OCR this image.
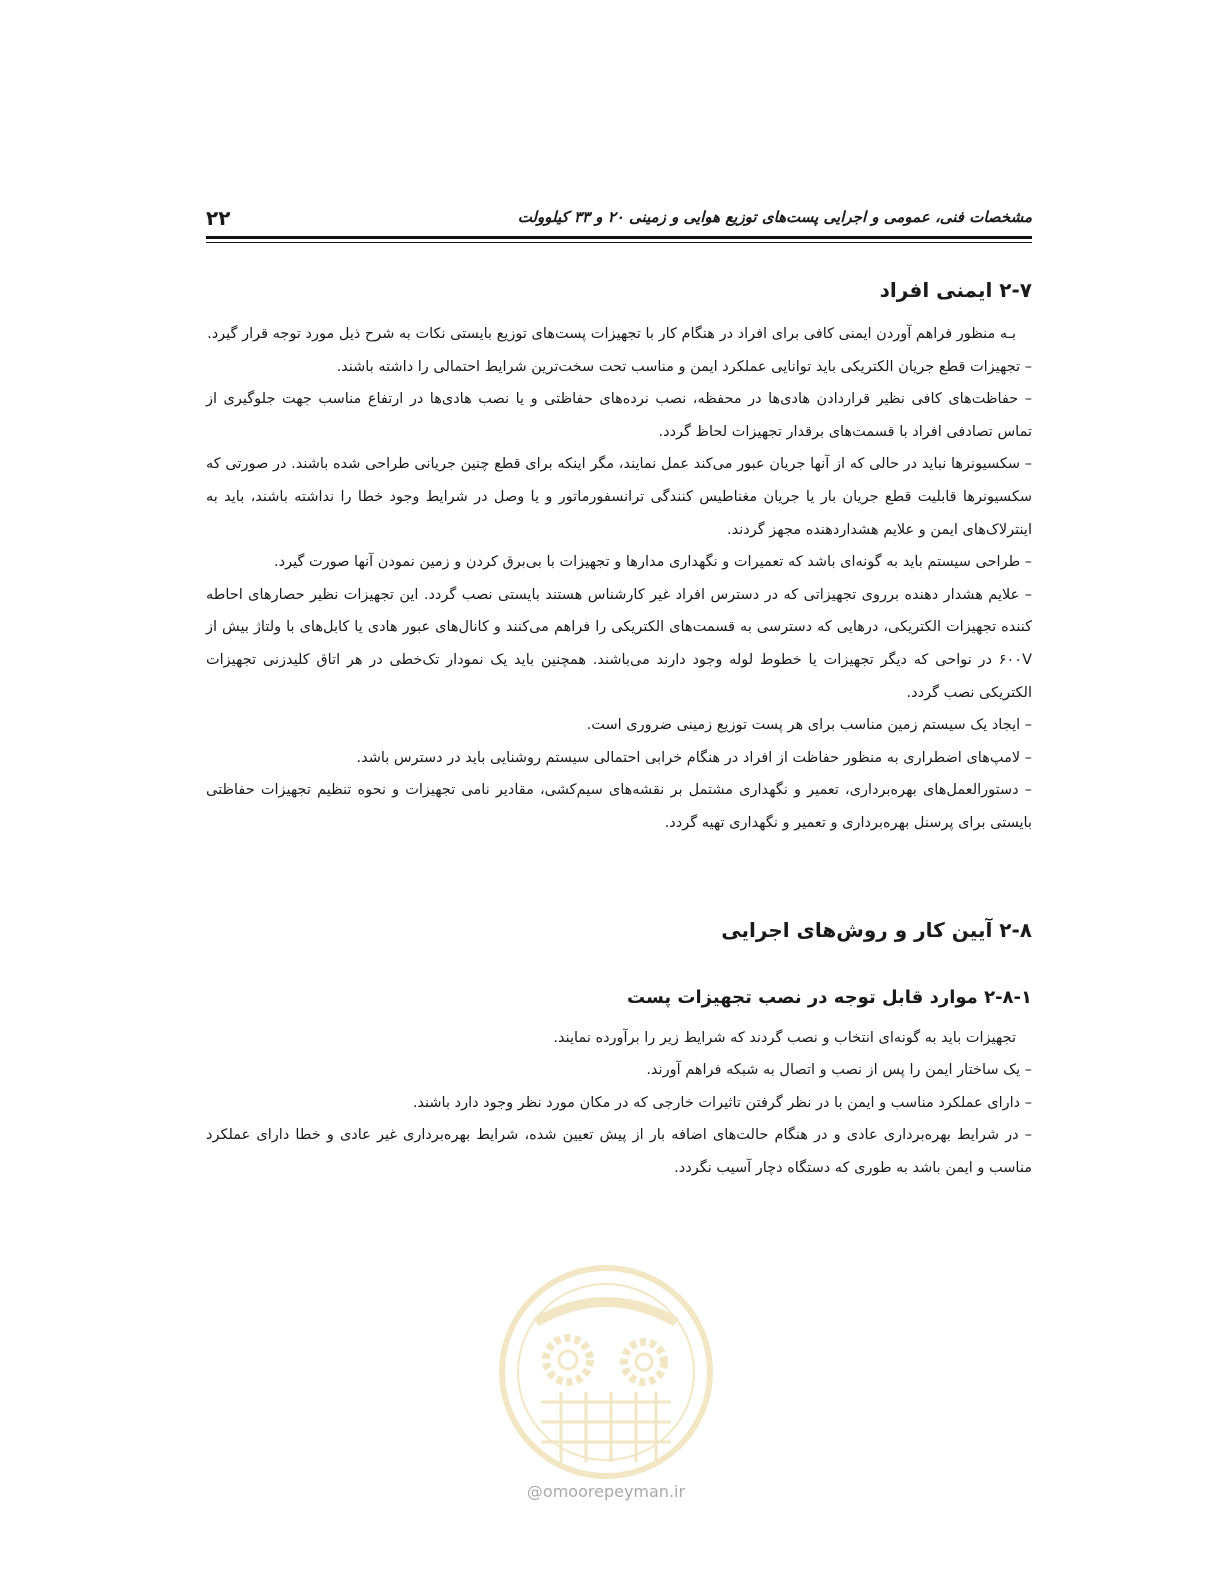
۲۲	مشخصات فنی، عمومی و اجرایی پست‌های توزیع هوایی و زمینی ۲۰ و ۳۳ کیلوولت
۲-۷ ایمنی افراد

بـه منظور فراهم آوردن ایمنی کافی برای افراد در هنگام کار با تجهیزات پست‌های توزیع بایستی نکات به شرح ذیل مورد توجه قرار گیرد.

– تجهیزات قطع جریان الکتریکی باید توانایی عملکرد ایمن و مناسب تحت سخت‌ترین شرایط احتمالی را داشته باشند.

– حفاظت‌های کافی نظیر قراردادن هادی‌ها در محفظه، نصب نرده‌های حفاظتی و یا نصب هادی‌ها در ارتفاع مناسب جهت جلوگیری از تماس تصادفی افراد با قسمت‌های برقدار تجهیزات لحاظ گردد.

– سکسیونرها نباید در حالی که از آنها جریان عبور می‌کند عمل نمایند، مگر اینکه برای قطع چنین جریانی طراحی شده باشند. در صورتی که سکسیونرها قابلیت قطع جریان بار یا جریان مغناطیس کنندگی ترانسفورماتور و یا وصل در شرایط وجود خطا را نداشته باشند، باید به اینترلاک‌های ایمن و علایم هشداردهنده مجهز گردند.

– طراحی سیستم باید به گونه‌ای باشد که تعمیرات و نگهداری مدارها و تجهیزات با بی‌برق کردن و زمین نمودن آنها صورت گیرد.

– علایم هشدار دهنده برروی تجهیزاتی که در دسترس افراد غیر کارشناس هستند بایستی نصب گردد. این تجهیزات نظیر حصارهای احاطه کننده تجهیزات الکتریکی، درهایی که دسترسی به قسمت‌های الکتریکی را فراهم می‌کنند و کانال‌های عبور هادی یا کابل‌های با ولتاژ بیش از ۶۰۰V در نواحی که دیگر تجهیزات یا خطوط لوله وجود دارند می‌باشند. همچنین باید یک نمودار تک‌خطی در هر اتاق کلیدزنی تجهیزات الکتریکی نصب گردد.

– ایجاد یک سیستم زمین مناسب برای هر پست توزیع زمینی ضروری است.

– لامپ‌های اضطراری به منظور حفاظت از افراد در هنگام خرابی احتمالی سیستم روشنایی باید در دسترس باشد.

– دستورالعمل‌های بهره‌برداری، تعمیر و نگهداری مشتمل بر نقشه‌های سیم‌کشی، مقادیر نامی تجهیزات و نحوه تنظیم تجهیزات حفاظتی بایستی برای پرسنل بهره‌برداری و تعمیر و نگهداری تهیه گردد.

۲-۸ آیین کار و روش‌های اجرایی
۲-۸-۱ موارد قابل توجه در نصب تجهیزات پست

تجهیزات باید به گونه‌ای انتخاب و نصب گردند که شرایط زیر را برآورده نمایند.

– یک ساختار ایمن را پس از نصب و اتصال به شبکه فراهم آورند.

– دارای عملکرد مناسب و ایمن با در نظر گرفتن تاثیرات خارجی که در مکان مورد نظر وجود دارد باشند.

– در شرایط بهره‌برداری عادی و در هنگام حالت‌های اضافه بار از پیش تعیین شده، شرایط بهره‌برداری غیر عادی و خطا دارای عملکرد مناسب و ایمن باشد به طوری که دستگاه دچار آسیب نگردد.

@omoorepeyman.ir
